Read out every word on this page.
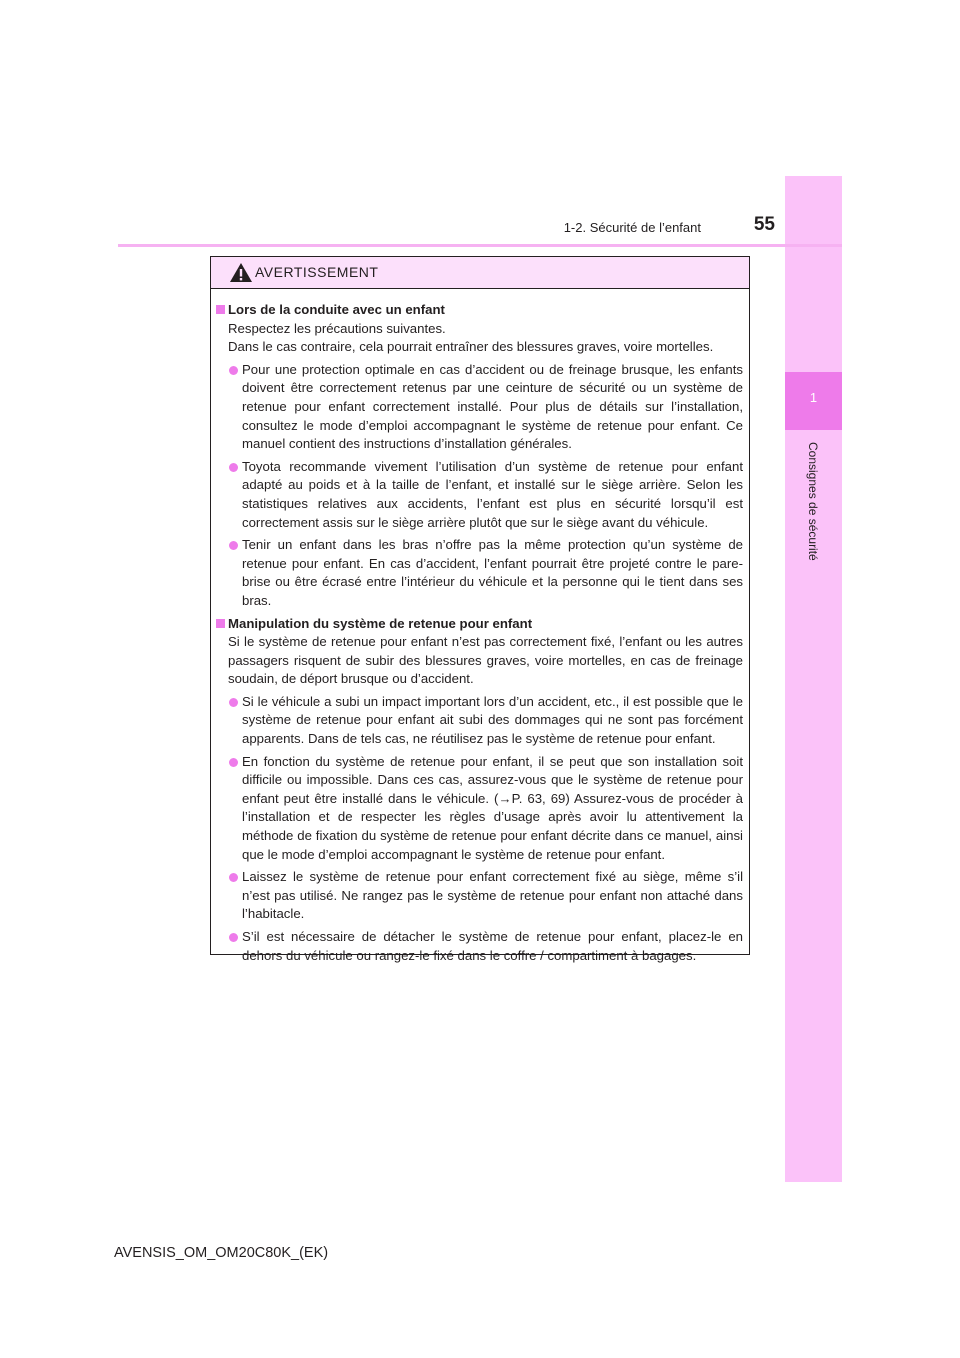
1
Consignes de sécurité
1-2. Sécurité de l’enfant	55
AVERTISSEMENT
Lors de la conduite avec un enfant
Respectez les précautions suivantes.
Dans le cas contraire, cela pourrait entraîner des blessures graves, voire mortelles.
Pour une protection optimale en cas d’accident ou de freinage brusque, les enfants doivent être correctement retenus par une ceinture de sécurité ou un système de retenue pour enfant correctement installé. Pour plus de détails sur l’installation, consultez le mode d’emploi accompagnant le système de retenue pour enfant. Ce manuel contient des instructions d’installation générales.
Toyota recommande vivement l’utilisation d’un système de retenue pour enfant adapté au poids et à la taille de l’enfant, et installé sur le siège arrière. Selon les statistiques relatives aux accidents, l’enfant est plus en sécurité lorsqu’il est correctement assis sur le siège arrière plutôt que sur le siège avant du véhicule.
Tenir un enfant dans les bras n’offre pas la même protection qu’un système de retenue pour enfant. En cas d’accident, l’enfant pourrait être projeté contre le pare-brise ou être écrasé entre l’intérieur du véhicule et la personne qui le tient dans ses bras.
Manipulation du système de retenue pour enfant
Si le système de retenue pour enfant n’est pas correctement fixé, l’enfant ou les autres passagers risquent de subir des blessures graves, voire mortelles, en cas de freinage soudain, de déport brusque ou d’accident.
Si le véhicule a subi un impact important lors d’un accident, etc., il est possible que le système de retenue pour enfant ait subi des dommages qui ne sont pas forcément apparents. Dans de tels cas, ne réutilisez pas le système de retenue pour enfant.
En fonction du système de retenue pour enfant, il se peut que son installation soit difficile ou impossible. Dans ces cas, assurez-vous que le système de retenue pour enfant peut être installé dans le véhicule. (→P. 63, 69) Assurez-vous de procéder à l’installation et de respecter les règles d’usage après avoir lu attentivement la méthode de fixation du système de retenue pour enfant décrite dans ce manuel, ainsi que le mode d’emploi accompagnant le système de retenue pour enfant.
Laissez le système de retenue pour enfant correctement fixé au siège, même s’il n’est pas utilisé. Ne rangez pas le système de retenue pour enfant non attaché dans l’habitacle.
S’il est nécessaire de détacher le système de retenue pour enfant, placez-le en dehors du véhicule ou rangez-le fixé dans le coffre / compartiment à bagages.
AVENSIS_OM_OM20C80K_(EK)
